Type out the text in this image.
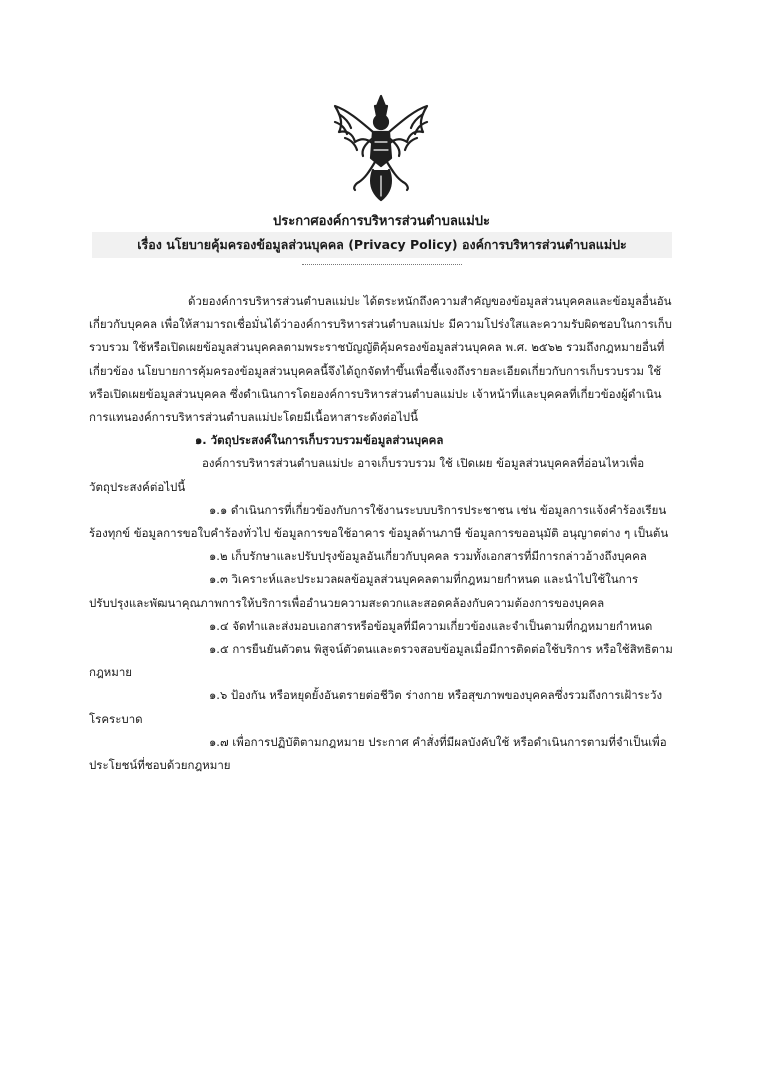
ประกาศองค์การบริหารส่วนตำบลแม่ปะ
เรื่อง นโยบายคุ้มครองข้อมูลส่วนบุคคล (Privacy Policy) องค์การบริหารส่วนตำบลแม่ปะ

ด้วยองค์การบริหารส่วนตำบลแม่ปะ ได้ตระหนักถึงความสำคัญของข้อมูลส่วนบุคคลและข้อมูลอื่นอันเกี่ยวกับบุคคล เพื่อให้สามารถเชื่อมั่นได้ว่าองค์การบริหารส่วนตำบลแม่ปะ มีความโปร่งใสและความรับผิดชอบในการเก็บรวบรวม ใช้หรือเปิดเผยข้อมูลส่วนบุคคลตามพระราชบัญญัติคุ้มครองข้อมูลส่วนบุคคล พ.ศ. ๒๕๖๒ รวมถึงกฎหมายอื่นที่เกี่ยวข้อง นโยบายการคุ้มครองข้อมูลส่วนบุคคลนี้จึงได้ถูกจัดทำขึ้นเพื่อชี้แจงถึงรายละเอียดเกี่ยวกับการเก็บรวบรวม ใช้ หรือเปิดเผยข้อมูลส่วนบุคคล ซึ่งดำเนินการโดยองค์การบริหารส่วนตำบลแม่ปะ เจ้าหน้าที่และบุคคลที่เกี่ยวข้องผู้ดำเนินการแทนองค์การบริหารส่วนตำบลแม่ปะโดยมีเนื้อหาสาระดังต่อไปนี้

๑. วัตถุประสงค์ในการเก็บรวบรวมข้อมูลส่วนบุคคล

องค์การบริหารส่วนตำบลแม่ปะ อาจเก็บรวบรวม ใช้ เปิดเผย ข้อมูลส่วนบุคคลที่อ่อนไหวเพื่อวัตถุประสงค์ต่อไปนี้

๑.๑ ดำเนินการที่เกี่ยวข้องกับการใช้งานระบบบริการประชาชน เช่น ข้อมูลการแจ้งคำร้องเรียนร้องทุกข์ ข้อมูลการขอใบคำร้องทั่วไป ข้อมูลการขอใช้อาคาร ข้อมูลด้านภาษี ข้อมูลการขออนุมัติ อนุญาตต่าง ๆ เป็นต้น

๑.๒ เก็บรักษาและปรับปรุงข้อมูลอันเกี่ยวกับบุคคล รวมทั้งเอกสารที่มีการกล่าวอ้างถึงบุคคล

๑.๓ วิเคราะห์และประมวลผลข้อมูลส่วนบุคคลตามที่กฎหมายกำหนด และนำไปใช้ในการปรับปรุงและพัฒนาคุณภาพการให้บริการเพื่ออำนวยความสะดวกและสอดคล้องกับความต้องการของบุคคล

๑.๔ จัดทำและส่งมอบเอกสารหรือข้อมูลที่มีความเกี่ยวข้องและจำเป็นตามที่กฎหมายกำหนด

๑.๕ การยืนยันตัวตน พิสูจน์ตัวตนและตรวจสอบข้อมูลเมื่อมีการติดต่อใช้บริการ หรือใช้สิทธิตามกฎหมาย

๑.๖ ป้องกัน หรือหยุดยั้งอันตรายต่อชีวิต ร่างกาย หรือสุขภาพของบุคคลซึ่งรวมถึงการเฝ้าระวังโรคระบาด

๑.๗ เพื่อการปฏิบัติตามกฎหมาย ประกาศ คำสั่งที่มีผลบังคับใช้ หรือดำเนินการตามที่จำเป็นเพื่อประโยชน์ที่ชอบด้วยกฎหมาย
